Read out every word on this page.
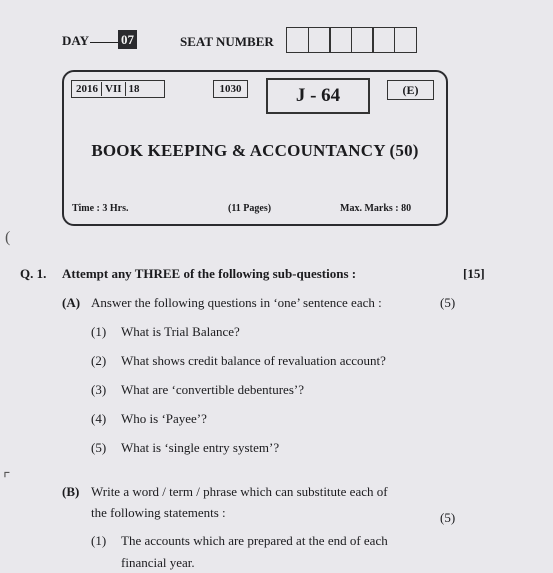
DAY 07	SEAT NUMBER
2016 VII 18	1030	J - 64	(E)
BOOK KEEPING & ACCOUNTANCY (50)
Time : 3 Hrs.	(11 Pages)	Max. Marks : 80
(
⌜
Q. 1. Attempt any THREE of the following sub-questions :	[15]
(A) Answer the following questions in ‘one’ sentence each :	(5)
(1) What is Trial Balance?
(2) What shows credit balance of revaluation account?
(3) What are ‘convertible debentures’?
(4) Who is ‘Payee’?
(5) What is ‘single entry system’?
(B) Write a word / term / phrase which can substitute each of
the following statements :	(5)
(1) The accounts which are prepared at the end of each
financial year.
